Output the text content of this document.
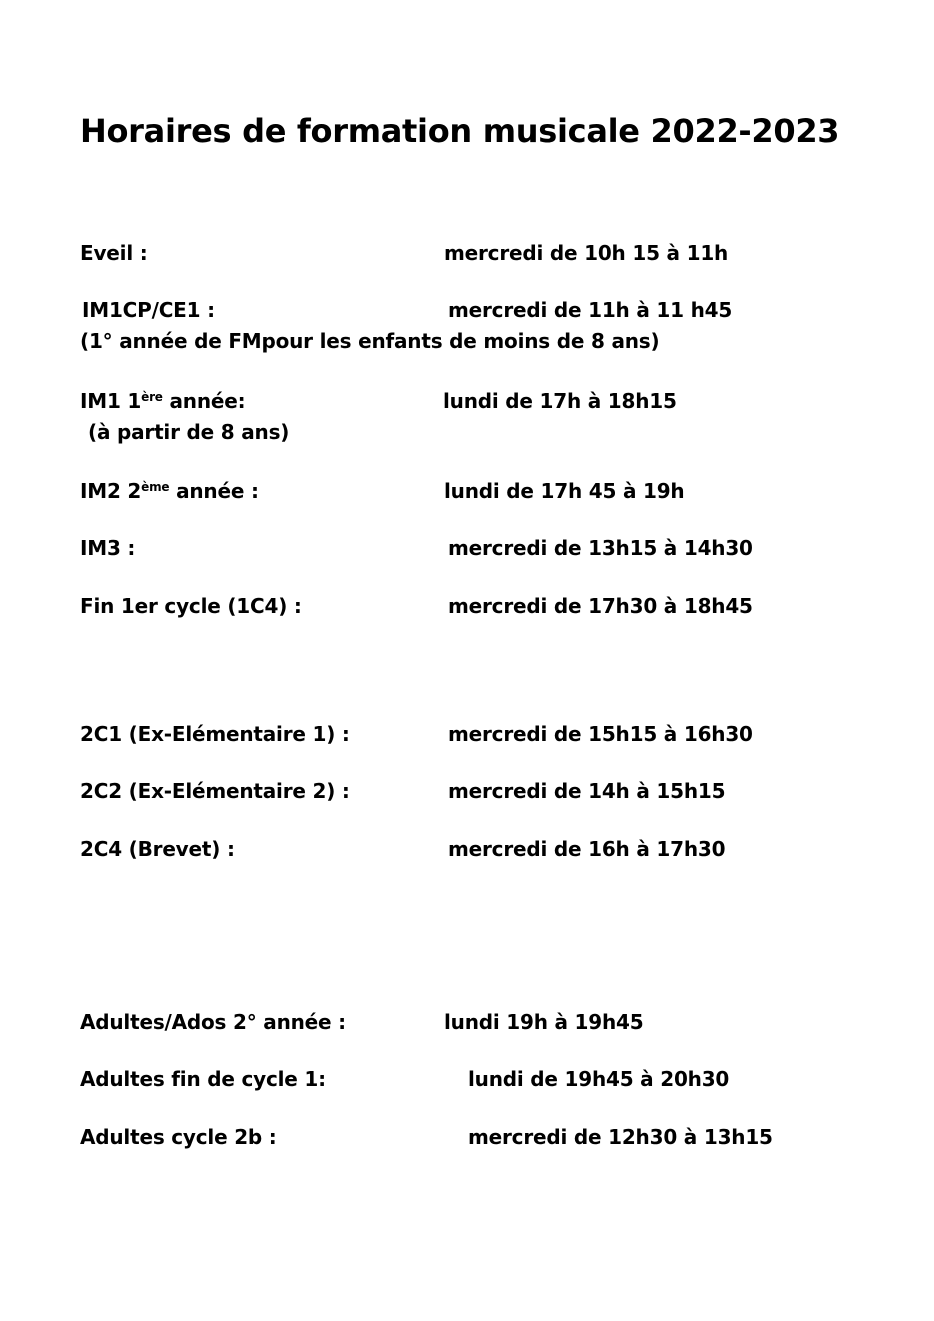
Horaires de formation musicale 2022-2023
Eveil :	mercredi de 10h 15 à 11h
IM1CP/CE1 :	mercredi de 11h à 11 h45
(1° année de FMpour les enfants de moins de 8 ans)
IM1 1ère année:	lundi de 17h à 18h15
(à partir de 8 ans)
IM2 2ème année :	lundi de 17h 45 à 19h
IM3 :	mercredi de 13h15 à 14h30
Fin 1er cycle (1C4) :	mercredi de 17h30 à 18h45
2C1 (Ex-Elémentaire 1) :	mercredi de 15h15 à 16h30
2C2 (Ex-Elémentaire 2) :	mercredi de 14h à 15h15
2C4 (Brevet) :	mercredi de 16h à 17h30
Adultes/Ados 2° année :	lundi 19h à 19h45
Adultes fin de cycle 1:	lundi de 19h45 à 20h30
Adultes cycle 2b :	mercredi de 12h30 à 13h15
